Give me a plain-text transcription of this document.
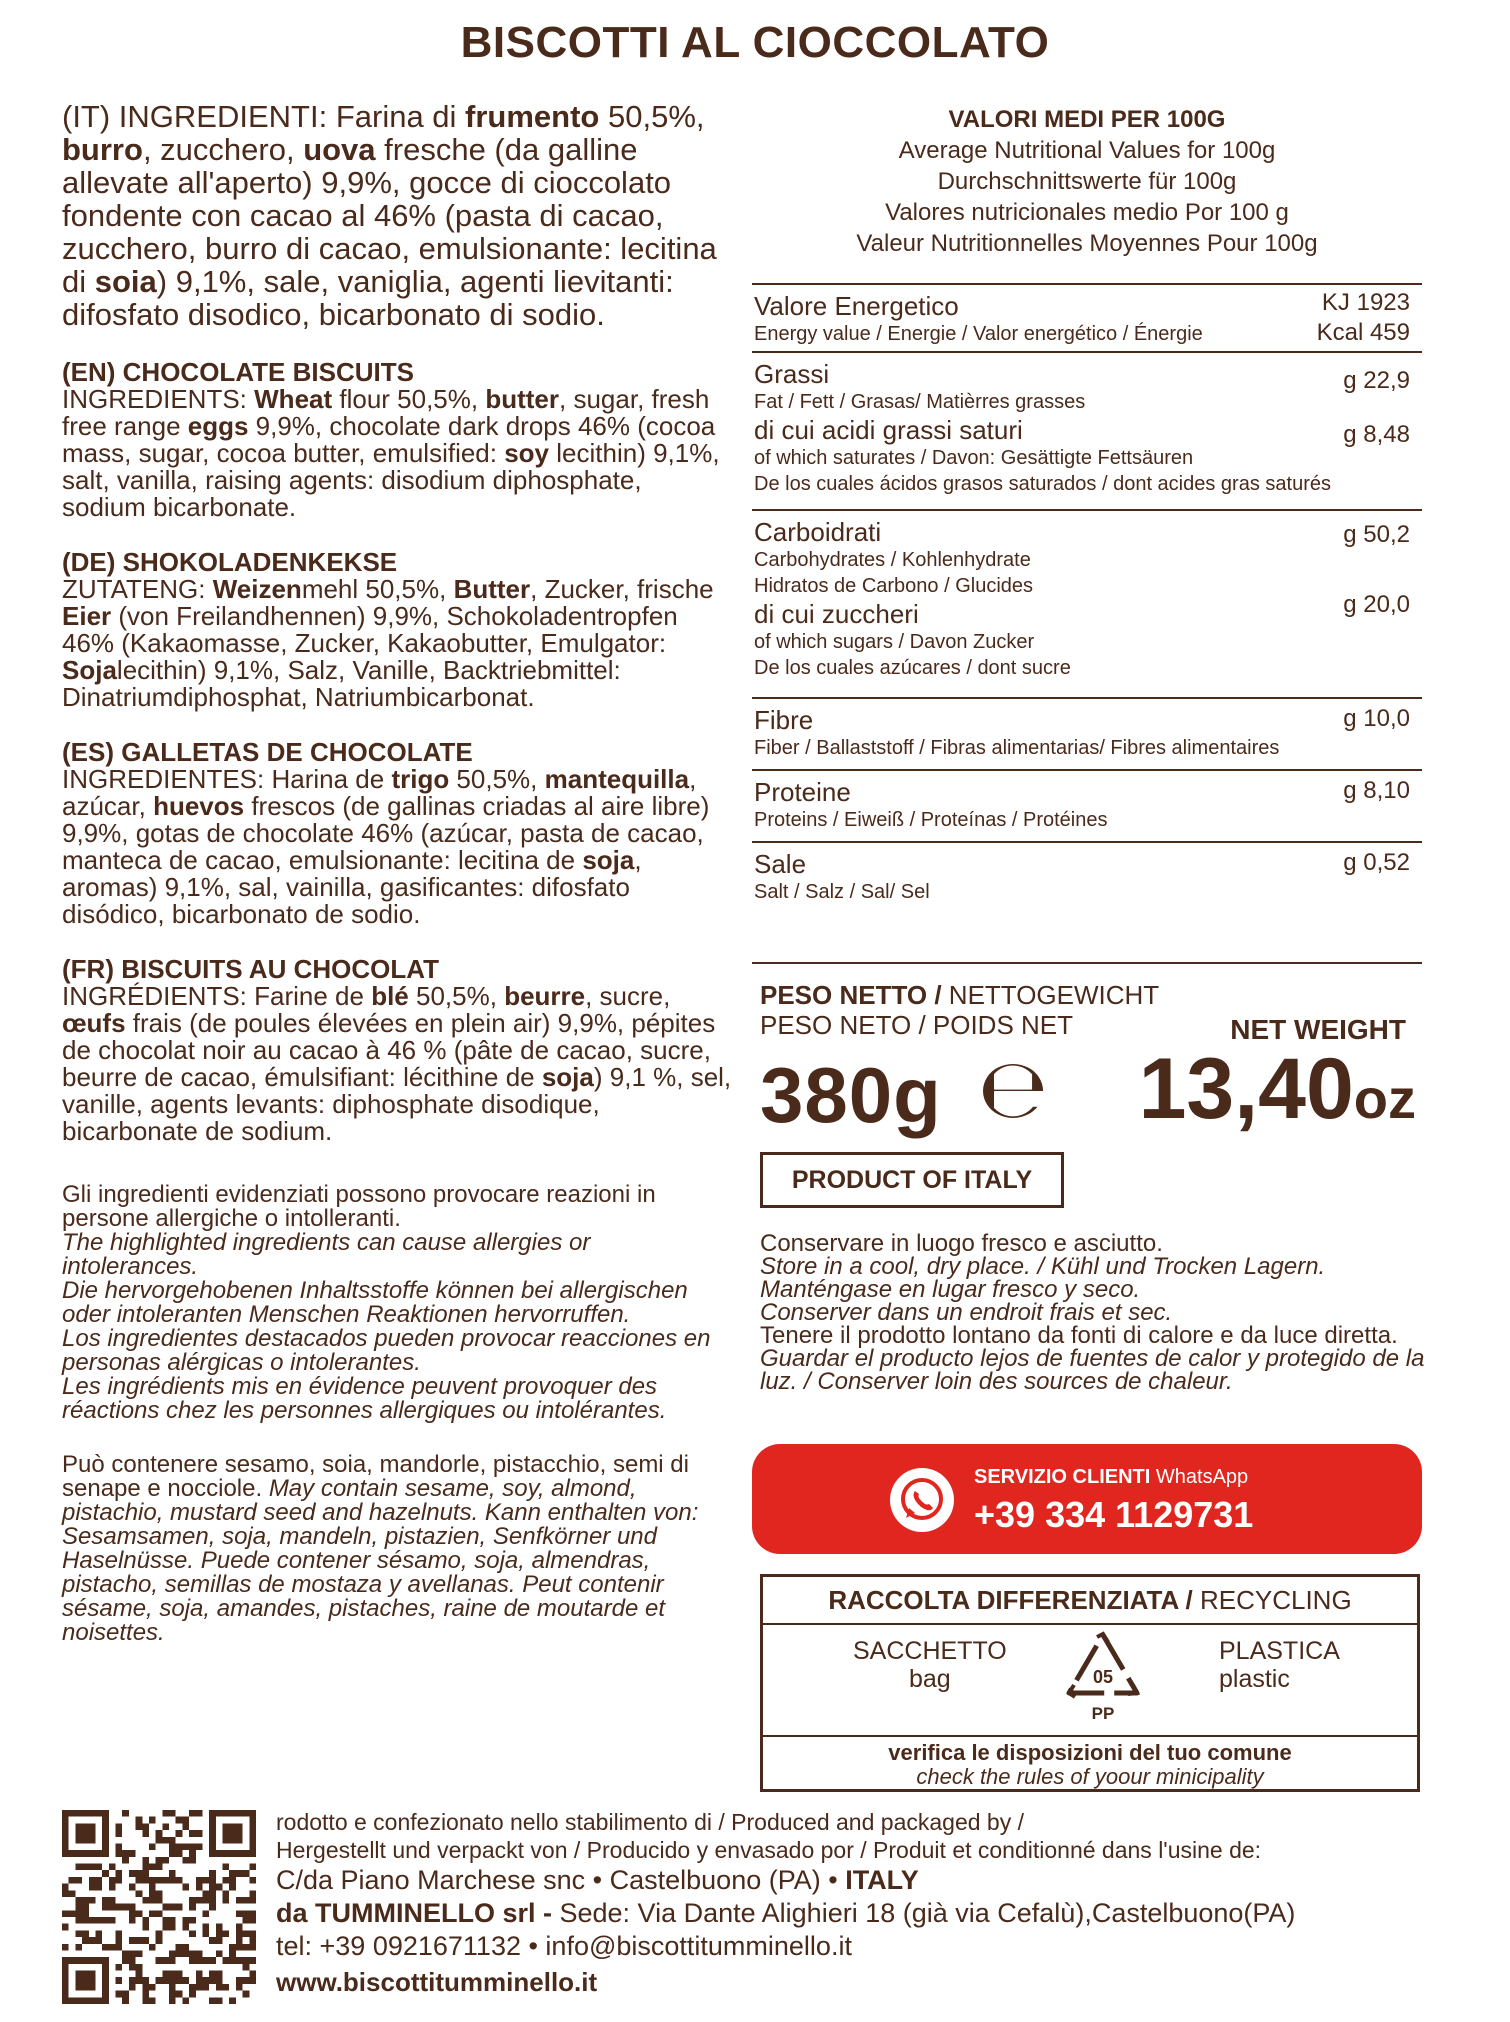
BISCOTTI AL CIOCCOLATO
(IT) INGREDIENTI: Farina di frumento 50,5%, burro, zucchero, uova fresche (da galline allevate all'aperto) 9,9%, gocce di cioccolato fondente con cacao al 46% (pasta di cacao, zucchero, burro di cacao, emulsionante: lecitina di soia) 9,1%, sale, vaniglia, agenti lievitanti: difosfato disodico, bicarbonato di sodio.
(EN) CHOCOLATE BISCUITS
INGREDIENTS: Wheat flour 50,5%, butter, sugar, fresh free range eggs 9,9%, chocolate dark drops 46% (cocoa mass, sugar, cocoa butter, emulsified: soy lecithin) 9,1%, salt, vanilla, raising agents: disodium diphosphate, sodium bicarbonate.
(DE) SHOKOLADENKEKSE
ZUTATENG: Weizenmehl 50,5%, Butter, Zucker, frische Eier (von Freilandhennen) 9,9%, Schokoladentropfen 46% (Kakaomasse, Zucker, Kakaobutter, Emulgator: Sojalecithin) 9,1%, Salz, Vanille, Backtriebmittel: Dinatriumdiphosphat, Natriumbicarbonat.
(ES) GALLETAS DE CHOCOLATE
INGREDIENTES: Harina de trigo 50,5%, mantequilla, azúcar, huevos frescos (de gallinas criadas al aire libre) 9,9%, gotas de chocolate 46% (azúcar, pasta de cacao, manteca de cacao, emulsionante: lecitina de soja, aromas) 9,1%, sal, vainilla, gasificantes: difosfato disódico, bicarbonato de sodio.
(FR) BISCUITS AU CHOCOLAT
INGRÉDIENTS: Farine de blé 50,5%, beurre, sucre, œufs frais (de poules élevées en plein air) 9,9%, pépites de chocolat noir au cacao à 46 % (pâte de cacao, sucre, beurre de cacao, émulsifiant: lécithine de soja) 9,1 %, sel, vanille, agents levants: diphosphate disodique, bicarbonate de sodium.
Gli ingredienti evidenziati possono provocare reazioni in persone allergiche o intolleranti.
The highlighted ingredients can cause allergies or intolerances.
Die hervorgehobenen Inhaltsstoffe können bei allergischen oder intoleranten Menschen Reaktionen hervorruffen.
Los ingredientes destacados pueden provocar reacciones en personas alérgicas o intolerantes.
Les ingrédients mis en évidence peuvent provoquer des réactions chez les personnes allergiques ou intolérantes.
Può contenere sesamo, soia, mandorle, pistacchio, semi di senape e nocciole. May contain sesame, soy, almond, pistachio, mustard seed and hazelnuts. Kann enthalten von: Sesamsamen, soja, mandeln, pistazien, Senfkörner und Haselnüsse. Puede contener sésamo, soja, almendras, pistacho, semillas de mostaza y avellanas. Peut contenir sésame, soja, amandes, pistaches, raine de moutarde et noisettes.
VALORI MEDI PER 100G
Average Nutritional Values for 100g
Durchschnittswerte für 100g
Valores nutricionales medio Por 100 g
Valeur Nutritionnelles Moyennes Pour 100g
Valore Energetico
Energy value / Energie / Valor energético / Énergie
KJ 1923
Kcal 459
Grassi
Fat / Fett / Grasas/ Matièrres grasses
di cui acidi grassi saturi
of which saturates / Davon: Gesättigte Fettsäuren
De los cuales ácidos grasos saturados / dont acides gras saturés
g 22,9
g 8,48
Carboidrati
Carbohydrates / Kohlenhydrate
Hidratos de Carbono / Glucides
di cui zuccheri
of which sugars / Davon Zucker
De los cuales azúcares / dont sucre
g 50,2
g 20,0
Fibre
Fiber / Ballaststoff / Fibras alimentarias/ Fibres alimentaires
g 10,0
Proteine
Proteins / Eiweiß / Proteínas / Protéines
g 8,10
Sale
Salt / Salz / Sal/ Sel
g 0,52
PESO NETTO / NETTOGEWICHT
PESO NETO / POIDS NET	NET WEIGHT
380g ℮ 13,40oz
PRODUCT OF ITALY
Conservare in luogo fresco e asciutto.
Store in a cool, dry place. / Kühl und Trocken Lagern.
Manténgase en lugar fresco y seco.
Conserver dans un endroit frais et sec.
Tenere il prodotto lontano da fonti di calore e da luce diretta.
Guardar el producto lejos de fuentes de calor y protegido de la luz. / Conserver loin des sources de chaleur.
SERVIZIO CLIENTI WhatsApp
+39 334 1129731
RACCOLTA DIFFERENZIATA / RECYCLING
SACCHETTO
bag	05
PP
PLASTICA
plastic
verifica le disposizioni del tuo comune
check the rules of yoour minicipality
rodotto e confezionato nello stabilimento di / Produced and packaged by /
Hergestellt und verpackt von / Producido y envasado por / Produit et conditionné dans l'usine de:
C/da Piano Marchese snc • Castelbuono (PA) • ITALY
da TUMMINELLO srl - Sede: Via Dante Alighieri 18 (già via Cefalù),Castelbuono(PA)
tel: +39 0921671132 • info@biscottitumminello.it
www.biscottitumminello.it
